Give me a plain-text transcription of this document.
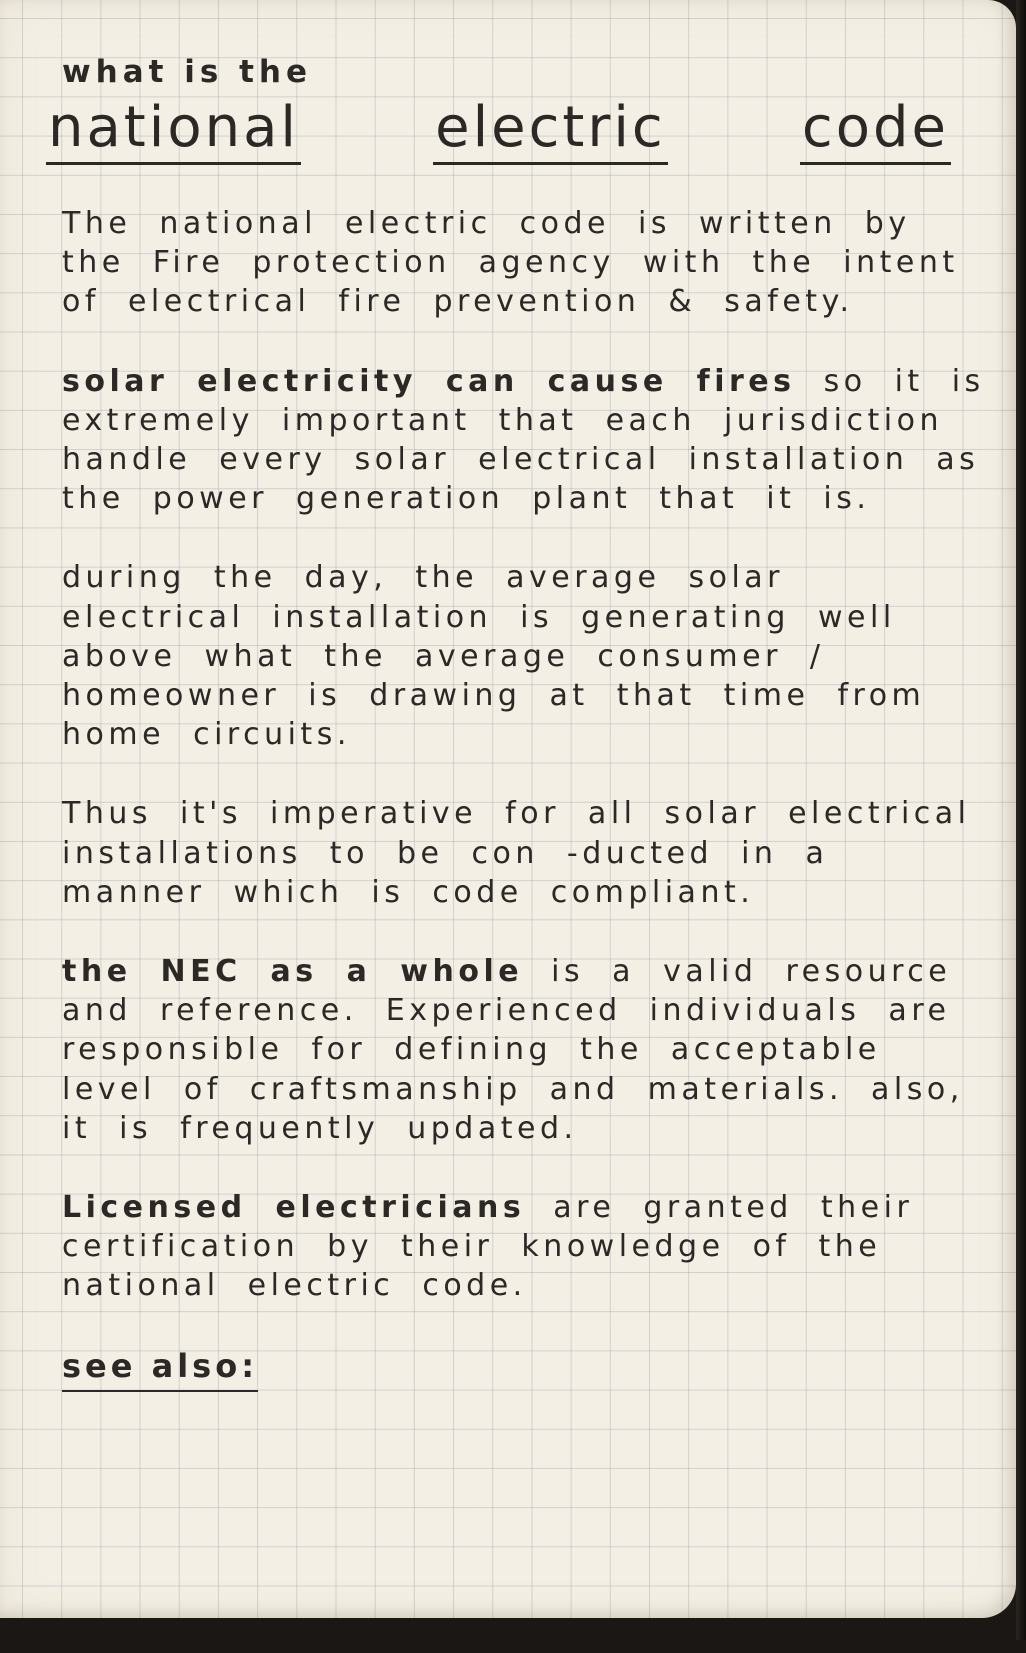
what is the

national electric code

The national electric code is written by the Fire protection agency with the intent of electrical fire prevention & safety.

solar electricity can cause fires so it is extremely important that each jurisdiction handle every solar electrical installation as the power generation plant that it is.

during the day, the average solar electrical installation is generating well above what the average consumer / homeowner is drawing at that time from home circuits.

Thus it's imperative for all solar electrical installations to be con -ducted in a manner which is code compliant.

the NEC as a whole is a valid resource and reference. Experienced individuals are responsible for defining the acceptable level of craftsmanship and materials. also, it is frequently updated.

Licensed electricians are granted their certification by their knowledge of the national electric code.

see also:
